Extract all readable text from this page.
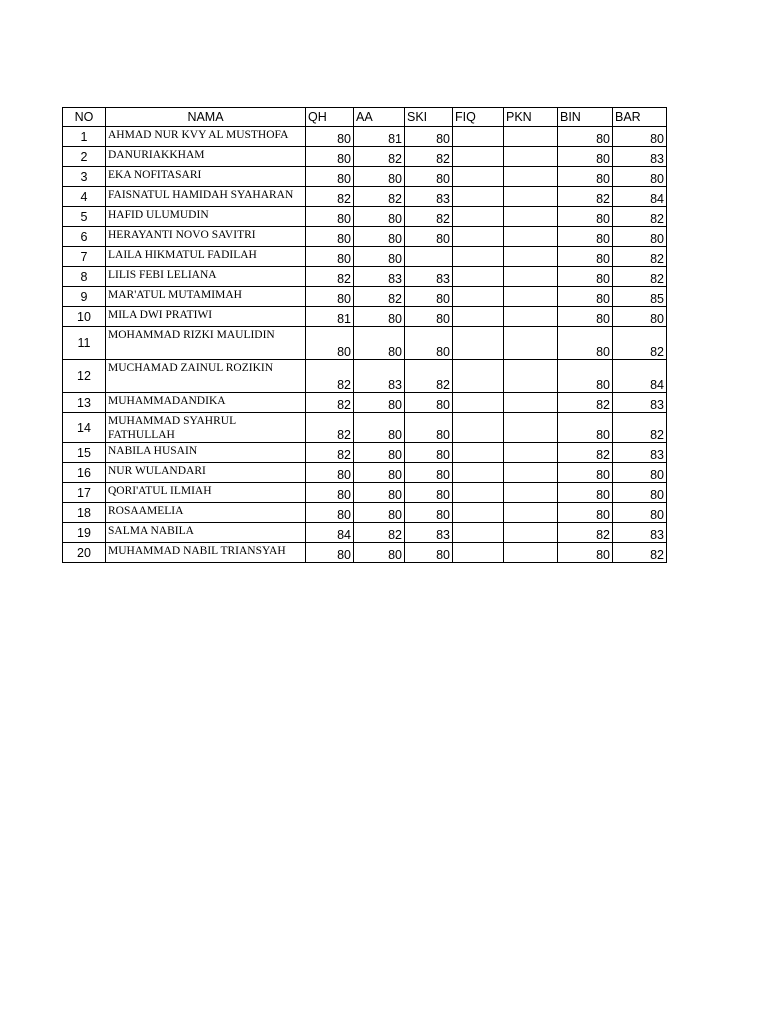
NO	NAMA	QH	AA	SKI	FIQ	PKN	BIN	BAR
1	AHMAD NUR KVY AL MUSTHOFA	80	81	80			80	80
2	DANURIAKKHAM	80	82	82			80	83
3	EKA NOFITASARI	80	80	80			80	80
4	FAISNATUL HAMIDAH SYAHARAN	82	82	83			82	84
5	HAFID ULUMUDIN	80	80	82			80	82
6	HERAYANTI NOVO SAVITRI	80	80	80			80	80
7	LAILA HIKMATUL FADILAH	80	80				80	82
8	LILIS FEBI LELIANA	82	83	83			80	82
9	MAR'ATUL MUTAMIMAH	80	82	80			80	85
10	MILA DWI PRATIWI	81	80	80			80	80
11	MOHAMMAD RIZKI MAULIDIN	80	80	80			80	82
12	MUCHAMAD ZAINUL ROZIKIN	82	83	82			80	84
13	MUHAMMADANDIKA	82	80	80			82	83
14	MUHAMMAD SYAHRUL FATHULLAH	82	80	80			80	82
15	NABILA HUSAIN	82	80	80			82	83
16	NUR WULANDARI	80	80	80			80	80
17	QORI'ATUL ILMIAH	80	80	80			80	80
18	ROSAAMELIA	80	80	80			80	80
19	SALMA NABILA	84	82	83			82	83
20	MUHAMMAD NABIL TRIANSYAH	80	80	80			80	82
